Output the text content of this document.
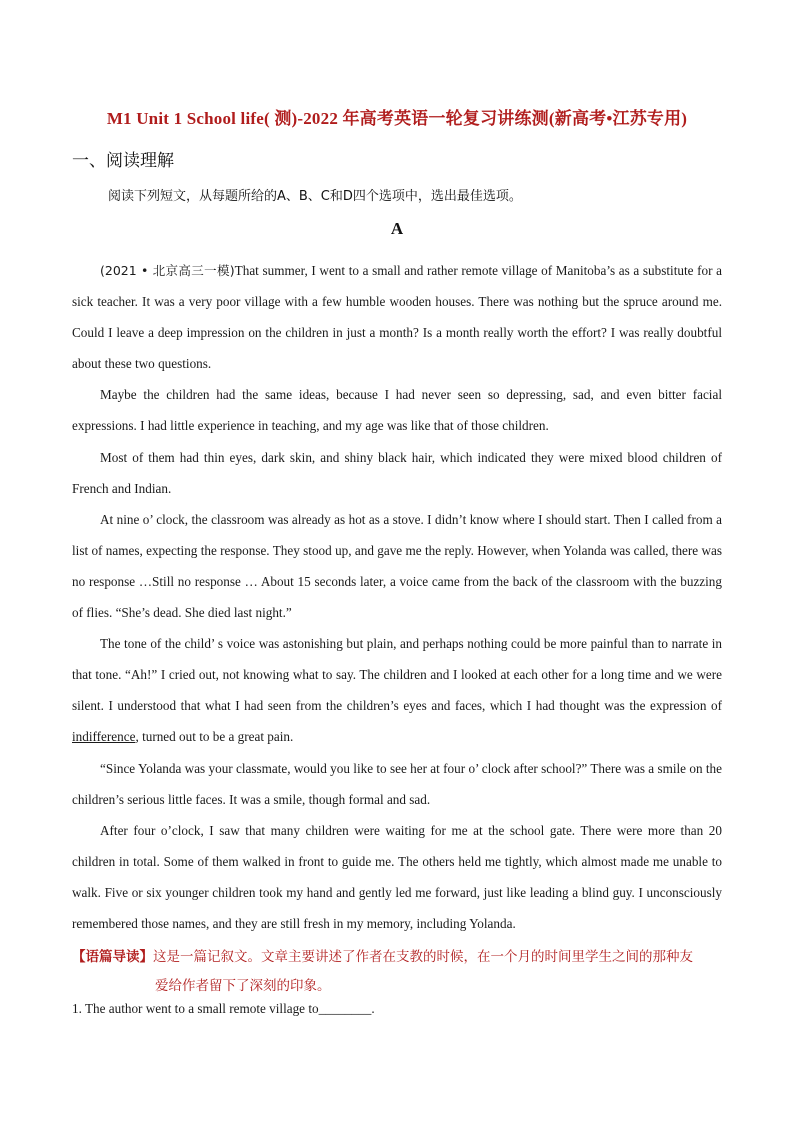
M1 Unit 1 School life( 测)-2022 年高考英语一轮复习讲练测(新高考•江苏专用)
一、阅读理解
阅读下列短文，从每题所给的A、B、C和D四个选项中，选出最佳选项。
A

(2021 • 北京高三一模)That summer, I went to a small and rather remote village of Manitoba’s as a substitute for a sick teacher. It was a very poor village with a few humble wooden houses. There was nothing but the spruce around me. Could I leave a deep impression on the children in just a month? Is a month really worth the effort? I was really doubtful about these two questions.

Maybe the children had the same ideas, because I had never seen so depressing, sad, and even bitter facial expressions. I had little experience in teaching, and my age was like that of those children.

Most of them had thin eyes, dark skin, and shiny black hair, which indicated they were mixed blood children of French and Indian.

At nine o’ clock, the classroom was already as hot as a stove. I didn’t know where I should start. Then I called from a list of names, expecting the response. They stood up, and gave me the reply. However, when Yolanda was called, there was no response …Still no response … About 15 seconds later, a voice came from the back of the classroom with the buzzing of flies. “She’s dead. She died last night.”

The tone of the child’ s voice was astonishing but plain, and perhaps nothing could be more painful than to narrate in that tone. “Ah!” I cried out, not knowing what to say. The children and I looked at each other for a long time and we were silent. I understood that what I had seen from the children’s eyes and faces, which I had thought was the expression of indifference, turned out to be a great pain.

“Since Yolanda was your classmate, would you like to see her at four o’ clock after school?” There was a smile on the children’s serious little faces. It was a smile, though formal and sad.

After four o’clock, I saw that many children were waiting for me at the school gate. There were more than 20 children in total. Some of them walked in front to guide me. The others held me tightly, which almost made me unable to walk. Five or six younger children took my hand and gently led me forward, just like leading a blind guy. I unconsciously remembered those names, and they are still fresh in my memory, including Yolanda.

【语篇导读】这是一篇记叙文。文章主要讲述了作者在支教的时候，在一个月的时间里学生之间的那种友
爱给作者留下了深刻的印象。
1. The author went to a small remote village to________.
